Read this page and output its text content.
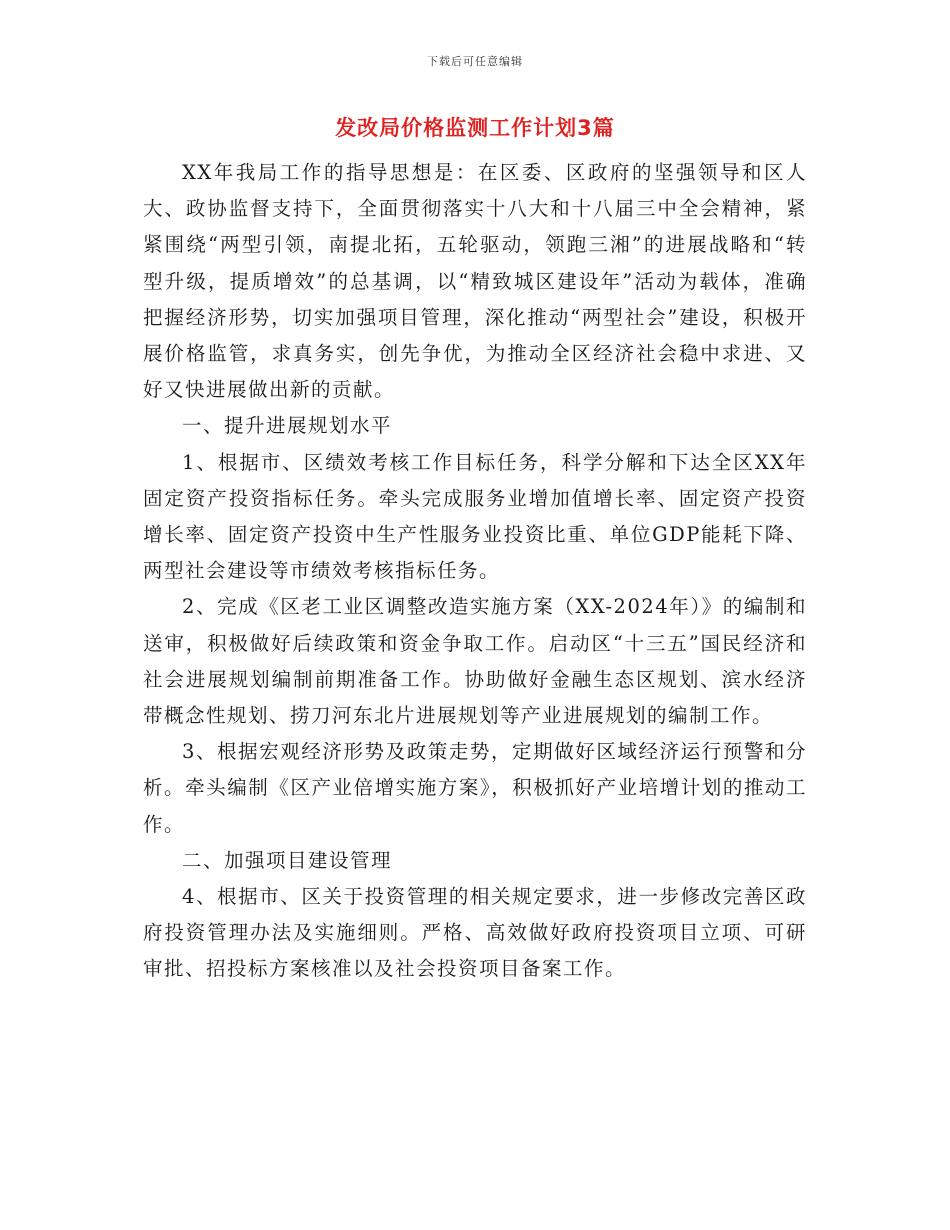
下载后可任意编辑
发改局价格监测工作计划3篇

XX年我局工作的指导思想是：在区委、区政府的坚强领导和区人大、政协监督支持下，全面贯彻落实十八大和十八届三中全会精神，紧紧围绕“两型引领，南提北拓，五轮驱动，领跑三湘”的进展战略和“转型升级，提质增效”的总基调，以“精致城区建设年”活动为载体，准确把握经济形势，切实加强项目管理，深化推动“两型社会”建设，积极开展价格监管，求真务实，创先争优，为推动全区经济社会稳中求进、又好又快进展做出新的贡献。

一、提升进展规划水平

1、根据市、区绩效考核工作目标任务，科学分解和下达全区XX年固定资产投资指标任务。牵头完成服务业增加值增长率、固定资产投资增长率、固定资产投资中生产性服务业投资比重、单位GDP能耗下降、两型社会建设等市绩效考核指标任务。

2、完成《区老工业区调整改造实施方案（XX-2024年）》的编制和送审，积极做好后续政策和资金争取工作。启动区“十三五”国民经济和社会进展规划编制前期准备工作。协助做好金融生态区规划、滨水经济带概念性规划、捞刀河东北片进展规划等产业进展规划的编制工作。

3、根据宏观经济形势及政策走势，定期做好区域经济运行预警和分析。牵头编制《区产业倍增实施方案》，积极抓好产业培增计划的推动工作。

二、加强项目建设管理

4、根据市、区关于投资管理的相关规定要求，进一步修改完善区政府投资管理办法及实施细则。严格、高效做好政府投资项目立项、可研审批、招投标方案核准以及社会投资项目备案工作。
